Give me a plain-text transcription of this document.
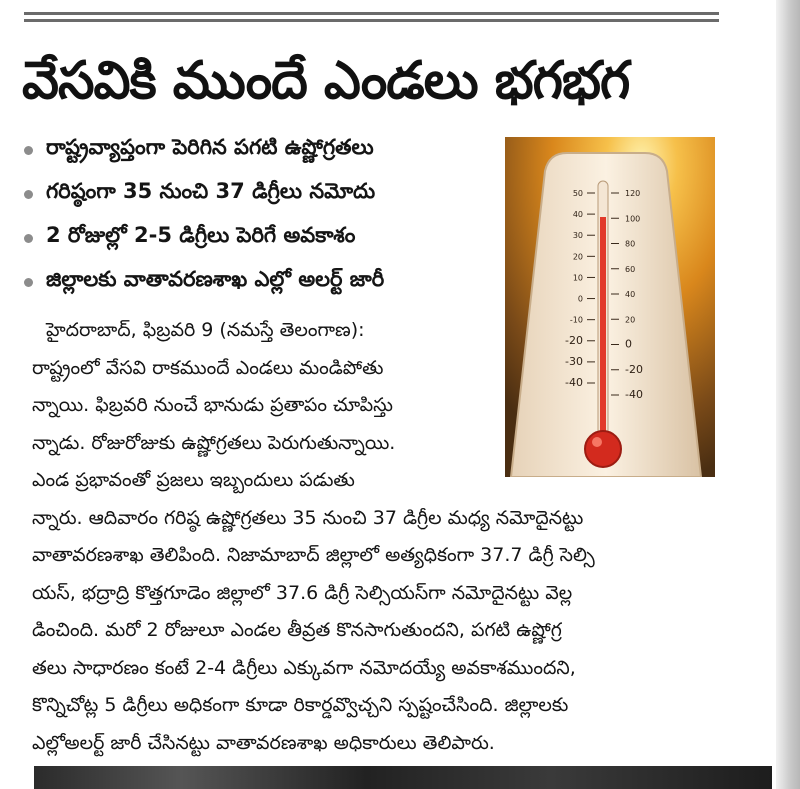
వేసవికి ముందే ఎండలు భగభగ
రాష్ట్రవ్యాప్తంగా పెరిగిన పగటి ఉష్ణోగ్రతలు
గరిష్ఠంగా 35 నుంచి 37 డిగ్రీలు నమోదు
2 రోజుల్లో 2-5 డిగ్రీలు పెరిగే అవకాశం
జిల్లాలకు వాతావరణశాఖ ఎల్లో అలర్ట్ జారీ
50
40
30
20
10
0
-10
-20
-30
-40
120
100
80
60
40
20
0
-20
-40
హైదరాబాద్, ఫిబ్రవరి 9 (నమస్తే తెలంగాణ):
రాష్ట్రంలో వేసవి రాకముందే ఎండలు మండిపోతు
న్నాయి. ఫిబ్రవరి నుంచే భానుడు ప్రతాపం చూపిస్తు
న్నాడు. రోజురోజుకు ఉష్ణోగ్రతలు పెరుగుతున్నాయి.
ఎండ ప్రభావంతో ప్రజలు ఇబ్బందులు పడుతు
న్నారు. ఆదివారం గరిష్ఠ ఉష్ణోగ్రతలు 35 నుంచి 37 డిగ్రీల మధ్య నమోదైనట్టు
వాతావరణశాఖ తెలిపింది. నిజామాబాద్ జిల్లాలో అత్యధికంగా 37.7 డిగ్రీ సెల్సి
యస్, భద్రాద్రి కొత్తగూడెం జిల్లాలో 37.6 డిగ్రీ సెల్సియస్‌గా నమోదైనట్టు వెల్ల
డించింది. మరో 2 రోజులూ ఎండల తీవ్రత కొనసాగుతుందని, పగటి ఉష్ణోగ్ర
తలు సాధారణం కంటే 2-4 డిగ్రీలు ఎక్కువగా నమోదయ్యే అవకాశముందని,
కొన్నిచోట్ల 5 డిగ్రీలు అధికంగా కూడా రికార్డవ్వొచ్చని స్పష్టంచేసింది. జిల్లాలకు
ఎల్లోఅలర్ట్ జారీ చేసినట్టు వాతావరణశాఖ అధికారులు తెలిపారు.
